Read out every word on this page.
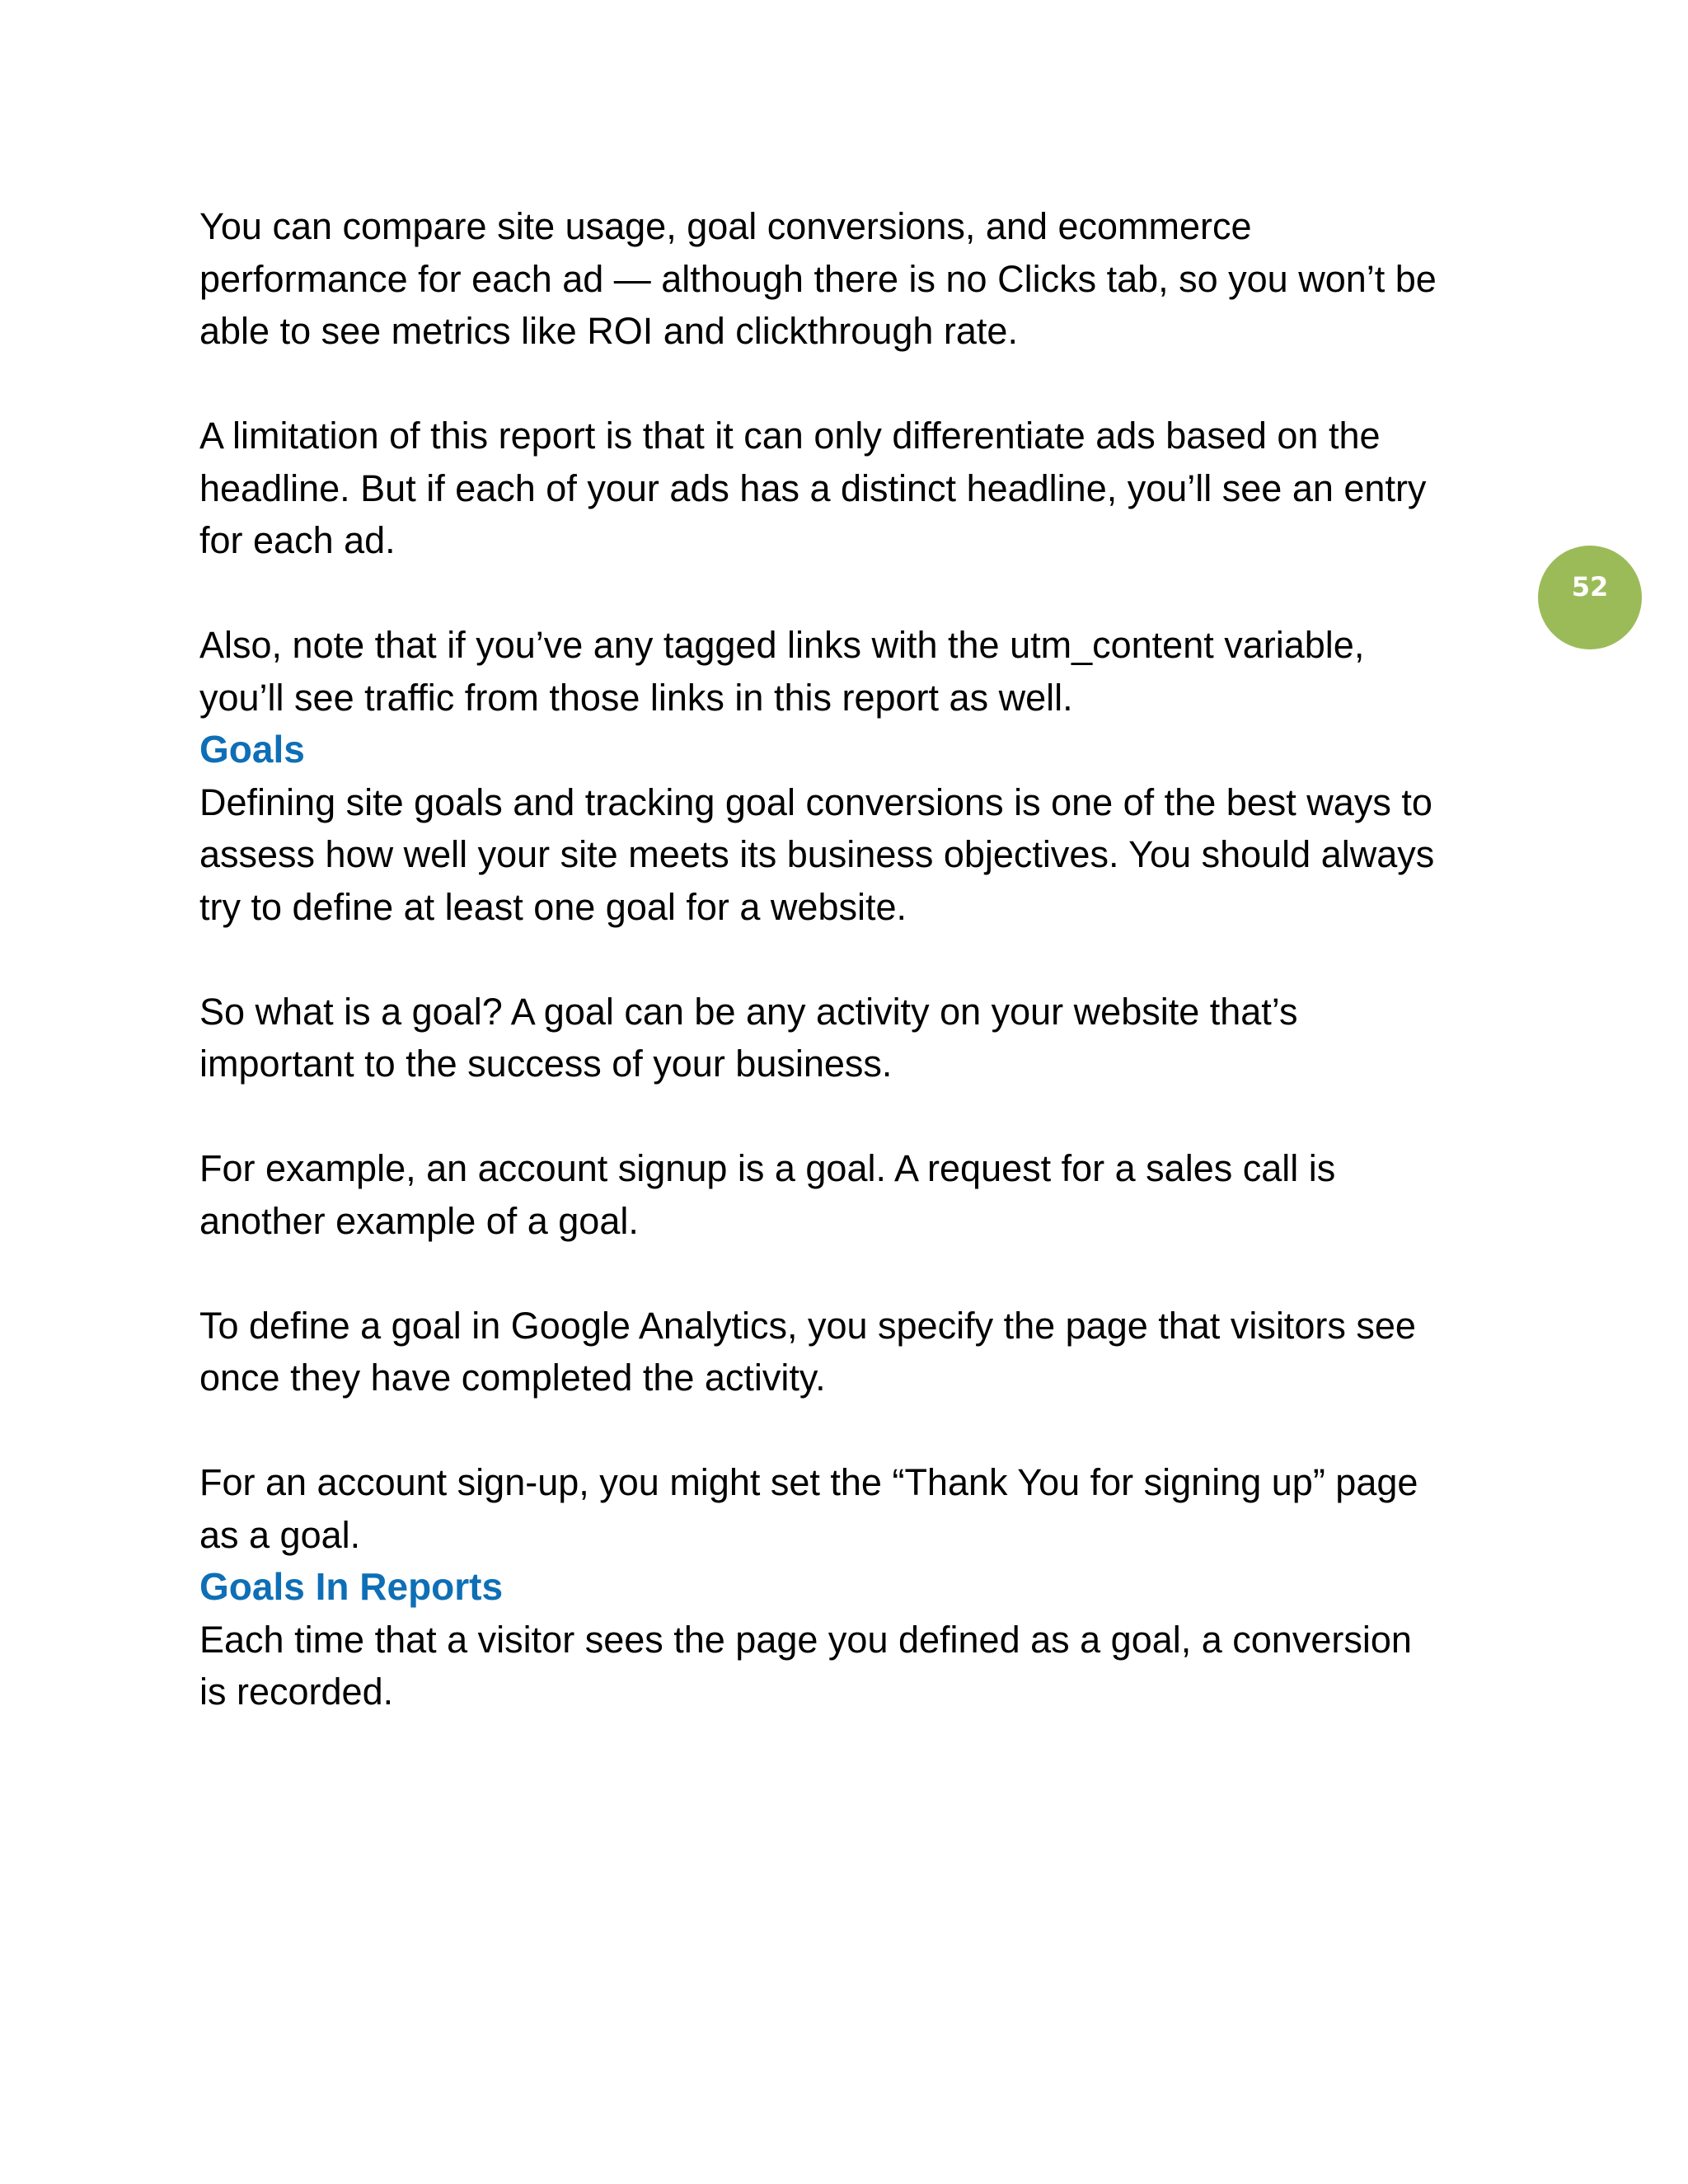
You can compare site usage, goal conversions, and ecommerce
performance for each ad — although there is no Clicks tab, so you won’t be
able to see metrics like ROI and clickthrough rate.

A limitation of this report is that it can only differentiate ads based on the
headline. But if each of your ads has a distinct headline, you’ll see an entry
for each ad.

Also, note that if you’ve any tagged links with the utm_content variable,
you’ll see traffic from those links in this report as well.

Goals

Defining site goals and tracking goal conversions is one of the best ways to
assess how well your site meets its business objectives. You should always
try to define at least one goal for a website.

So what is a goal? A goal can be any activity on your website that’s
important to the success of your business.

For example, an account signup is a goal. A request for a sales call is
another example of a goal.

To define a goal in Google Analytics, you specify the page that visitors see
once they have completed the activity.

For an account sign-up, you might set the “Thank You for signing up” page
as a goal.

Goals In Reports

Each time that a visitor sees the page you defined as a goal, a conversion
is recorded.

52
